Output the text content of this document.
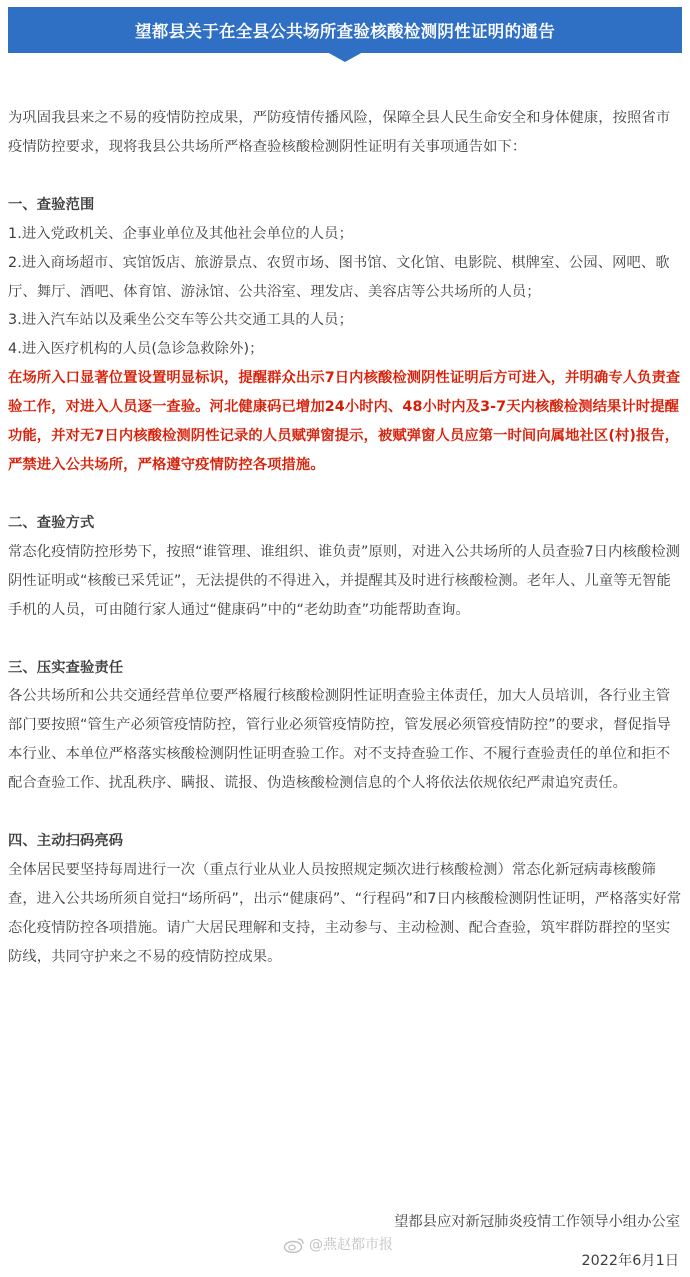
望都县关于在全县公共场所查验核酸检测阴性证明的通告

为巩固我县来之不易的疫情防控成果，严防疫情传播风险，保障全县人民生命安全和身体健康，按照省市疫情防控要求，现将我县公共场所严格查验核酸检测阴性证明有关事项通告如下：

一、查验范围

1.进入党政机关、企事业单位及其他社会单位的人员；

2.进入商场超市、宾馆饭店、旅游景点、农贸市场、图书馆、文化馆、电影院、棋牌室、公园、网吧、歌厅、舞厅、酒吧、体育馆、游泳馆、公共浴室、理发店、美容店等公共场所的人员；

3.进入汽车站以及乘坐公交车等公共交通工具的人员；

4.进入医疗机构的人员(急诊急救除外)；

在场所入口显著位置设置明显标识，提醒群众出示7日内核酸检测阴性证明后方可进入，并明确专人负责查验工作，对进入人员逐一查验。河北健康码已增加24小时内、48小时内及3-7天内核酸检测结果计时提醒功能，并对无7日内核酸检测阴性记录的人员赋弹窗提示，被赋弹窗人员应第一时间向属地社区(村)报告，严禁进入公共场所，严格遵守疫情防控各项措施。

二、查验方式

常态化疫情防控形势下，按照“谁管理、谁组织、谁负责”原则，对进入公共场所的人员查验7日内核酸检测阴性证明或“核酸已采凭证”，无法提供的不得进入，并提醒其及时进行核酸检测。老年人、儿童等无智能手机的人员，可由随行家人通过“健康码”中的“老幼助查”功能帮助查询。

三、压实查验责任

各公共场所和公共交通经营单位要严格履行核酸检测阴性证明查验主体责任，加大人员培训，各行业主管部门要按照“管生产必须管疫情防控，管行业必须管疫情防控，管发展必须管疫情防控”的要求，督促指导本行业、本单位严格落实核酸检测阴性证明查验工作。对不支持查验工作、不履行查验责任的单位和拒不配合查验工作、扰乱秩序、瞒报、谎报、伪造核酸检测信息的个人将依法依规依纪严肃追究责任。

四、主动扫码亮码

全体居民要坚持每周进行一次（重点行业从业人员按照规定频次进行核酸检测）常态化新冠病毒核酸筛查，进入公共场所须自觉扫“场所码”，出示“健康码”、“行程码”和7日内核酸检测阴性证明，严格落实好常态化疫情防控各项措施。请广大居民理解和支持，主动参与、主动检测、配合查验，筑牢群防群控的坚实防线，共同守护来之不易的疫情防控成果。

望都县应对新冠肺炎疫情工作领导小组办公室
@燕赵都市报
2022年6月1日
